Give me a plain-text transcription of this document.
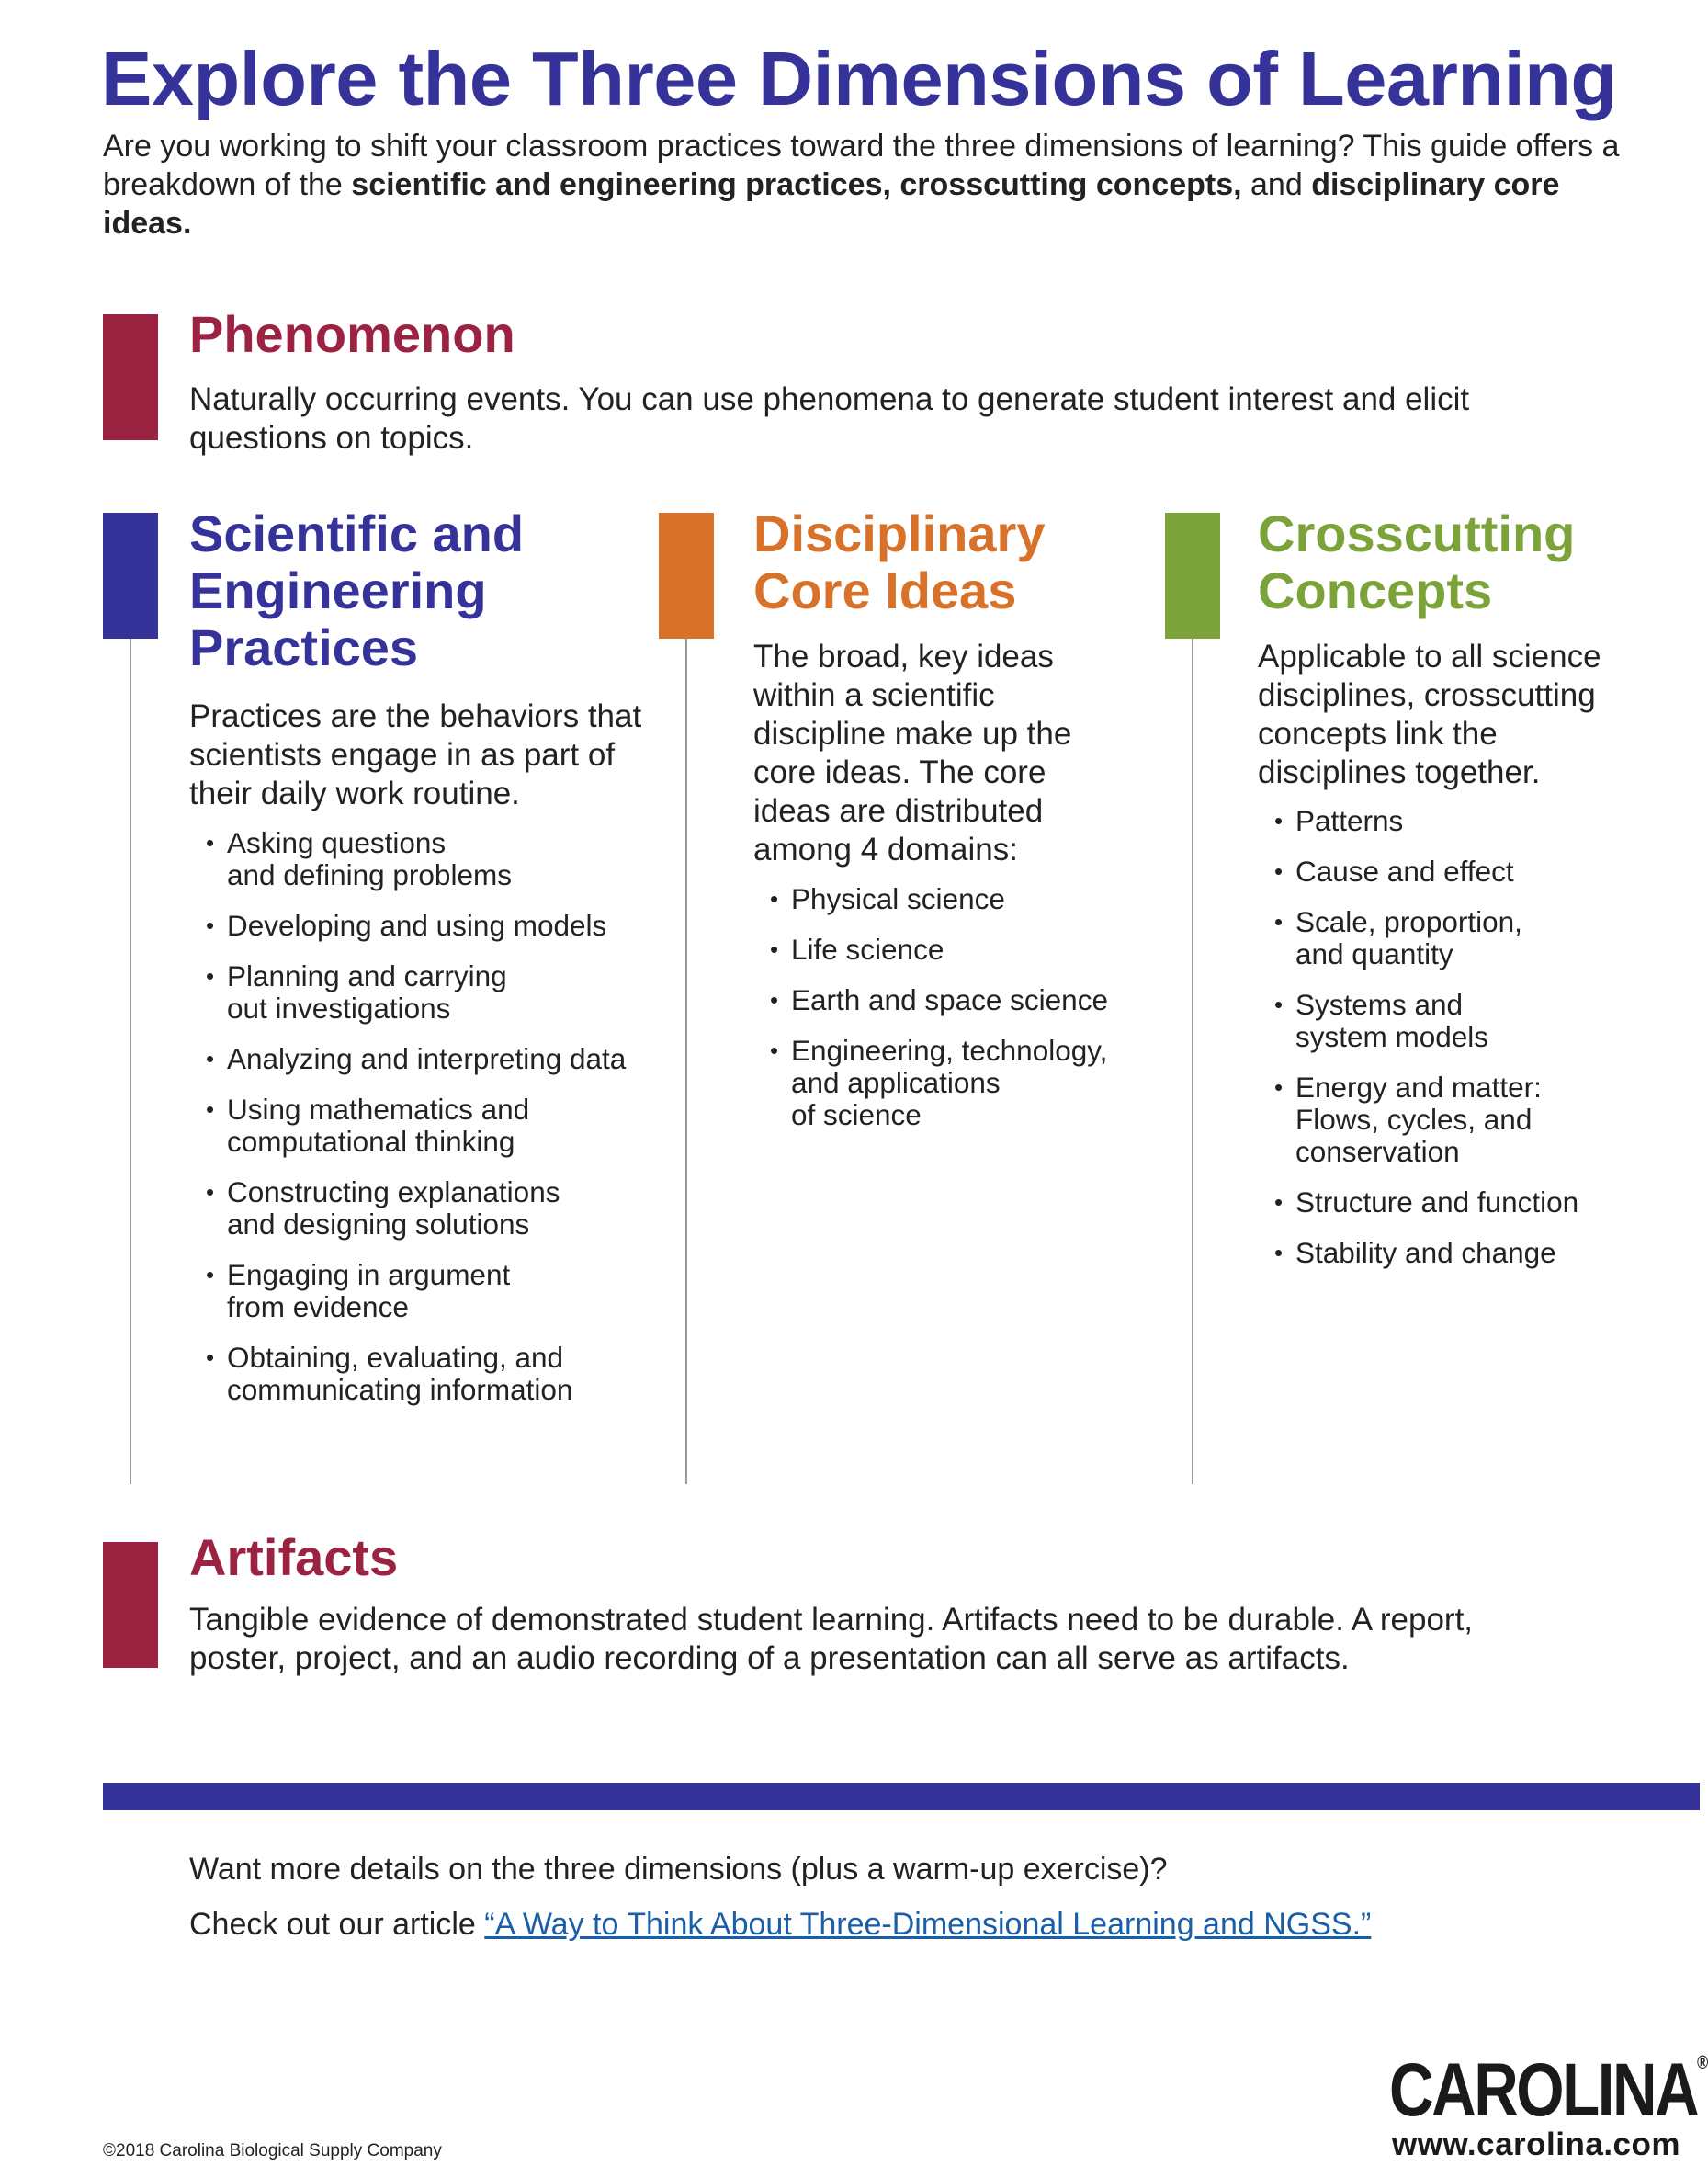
Explore the Three Dimensions of Learning
Are you working to shift your classroom practices toward the three dimensions of learning? This guide offers a breakdown of the scientific and engineering practices, crosscutting concepts, and disciplinary core ideas.
Phenomenon
Naturally occurring events. You can use phenomena to generate student interest and elicit questions on topics.
Scientific and
Engineering
Practices
Practices are the behaviors that scientists engage in as part of their daily work routine.
• Asking questions
and defining problems
• Developing and using models
• Planning and carrying
out investigations
• Analyzing and interpreting data
• Using mathematics and
computational thinking
• Constructing explanations
and designing solutions
• Engaging in argument
from evidence
• Obtaining, evaluating, and
communicating information
Disciplinary
Core Ideas
The broad, key ideas within a scientific discipline make up the core ideas. The core ideas are distributed among 4 domains:
• Physical science
• Life science
• Earth and space science
• Engineering, technology,
and applications
of science
Crosscutting
Concepts
Applicable to all science disciplines, crosscutting concepts link the disciplines together.
• Patterns
• Cause and effect
• Scale, proportion,
and quantity
• Systems and
system models
• Energy and matter:
Flows, cycles, and
conservation
• Structure and function
• Stability and change
Artifacts
Tangible evidence of demonstrated student learning. Artifacts need to be durable. A report, poster, project, and an audio recording of a presentation can all serve as artifacts.
Want more details on the three dimensions (plus a warm-up exercise)?
Check out our article “A Way to Think About Three-Dimensional Learning and NGSS.”
©2018 Carolina Biological Supply Company
CAROLINA®
www.carolina.com
